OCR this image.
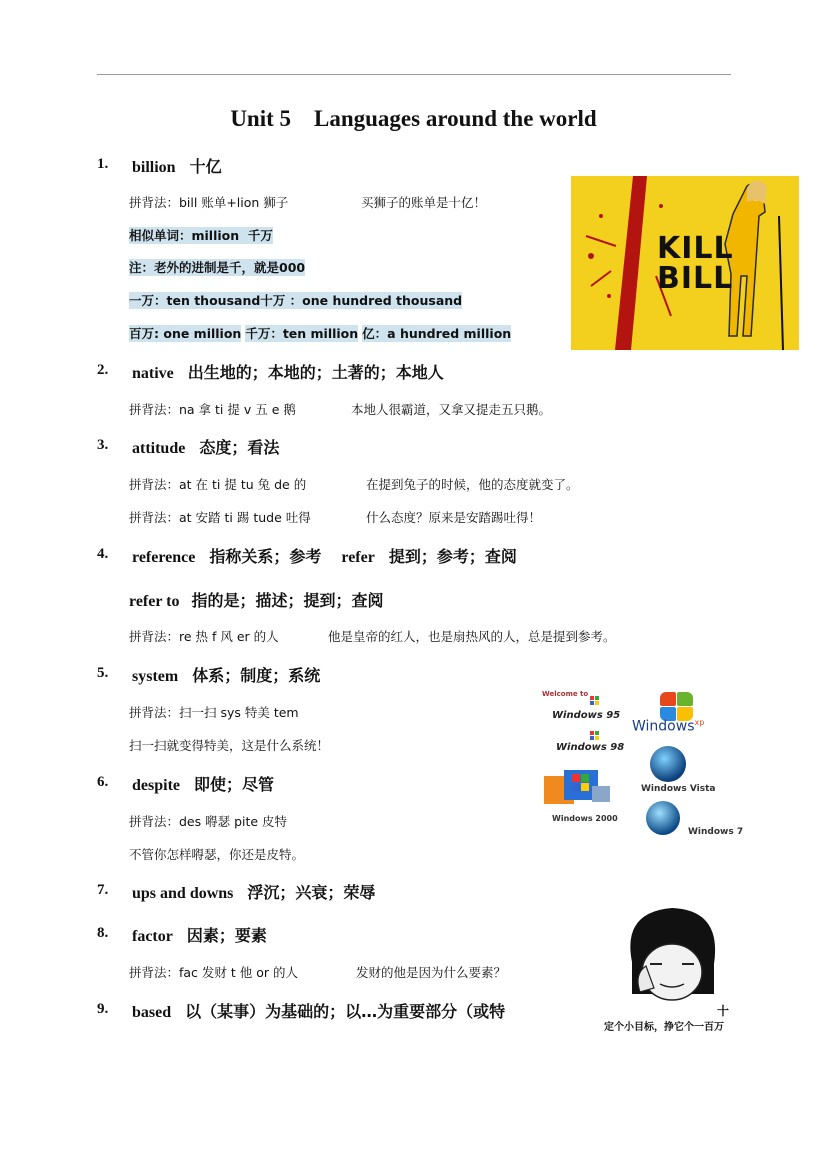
Unit 5    Languages around the world
1. billion 十亿
拼背法：bill 账单+lion 狮子	买狮子的账单是十亿！
相似单词：million  千万
注：老外的进制是千，就是000
一万：ten thousand十万 ：one hundred thousand
百万: one million 千万：ten million 亿：a hundred million
KILL
BILL
2. native 出生地的；本地的；土著的；本地人
拼背法：na 拿 ti 提 v 五 e 鹅	本地人很霸道，又拿又提走五只鹅。
3. attitude 态度；看法
拼背法：at 在 ti 提 tu 兔 de 的	在提到兔子的时候，他的态度就变了。
拼背法：at 安踏 ti 踢 tude 吐得	什么态度？原来是安踏踢吐得！
4. reference 指称关系；参考 refer 提到；参考；查阅
refer to 指的是；描述；提到；查阅
拼背法：re 热 f 风 er 的人	他是皇帝的红人，也是扇热风的人，总是提到参考。
5. system 体系；制度；系统
拼背法：扫一扫 sys 特美 tem
扫一扫就变得特美，这是什么系统！
Welcome to
Windows 95
Windows 98
Windows$^{xp}$
Windows Vista
Windows 2000
Windows 7
6. despite 即使；尽管
拼背法：des 嘚瑟 pite 皮特
不管你怎样嘚瑟，你还是皮特。
7. ups and downs 浮沉；兴衰；荣辱
8. factor 因素；要素
拼背法：fac 发财 t 他 or 的人	发财的他是因为什么要素？
十
定个小目标，挣它个一百万
9. based 以（某事）为基础的；以…为重要部分（或特
